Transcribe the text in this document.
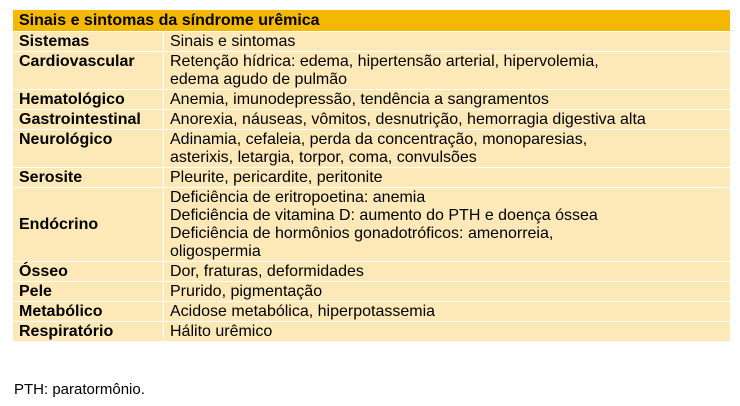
Sinais e sintomas da síndrome urêmica	
Sistemas	Sinais e sintomas
Cardiovascular	Retenção hídrica: edema, hipertensão arterial, hipervolemia,
edema agudo de pulmão

Hematológico	Anemia, imunodepressão, tendência a sangramentos

Gastrointestinal	Anorexia, náuseas, vômitos, desnutrição, hemorragia digestiva alta

Neurológico	Adinamia, cefaleia, perda da concentração, monoparesias,
asterixis, letargia, torpor, coma, convulsões

Serosite	Pleurite, pericardite, peritonite

Endócrino	Deficiência de eritropoetina: anemia
Deficiência de vitamina D: aumento do PTH e doença óssea
Deficiência de hormônios gonadotróficos: amenorreia,
oligospermia

Ósseo	Dor, fraturas, deformidades

Pele	Prurido, pigmentação

Metabólico	Acidose metabólica, hiperpotassemia

Respiratório	Hálito urêmico
PTH: paratormônio.
